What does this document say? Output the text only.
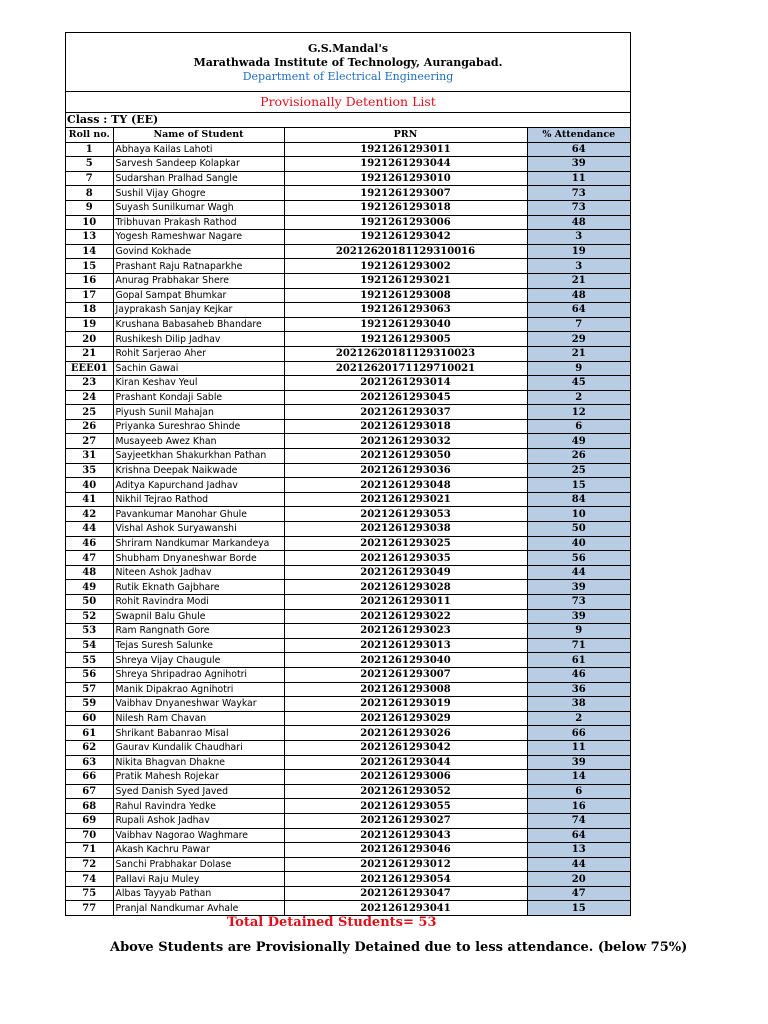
G.S.Mandal's
Marathwada Institute of Technology, Aurangabad.
Department of Electrical Engineering
Provisionally Detention List
Class : TY (EE)
Roll no.	Name of Student	PRN	% Attendance
1	Abhaya Kailas Lahoti	1921261293011	64
5	Sarvesh Sandeep Kolapkar	1921261293044	39
7	Sudarshan Pralhad Sangle	1921261293010	11
8	Sushil Vijay Ghogre	1921261293007	73
9	Suyash Sunilkumar Wagh	1921261293018	73
10	Tribhuvan Prakash Rathod	1921261293006	48
13	Yogesh Rameshwar Nagare	1921261293042	3
14	Govind Kokhade	20212620181129310016	19
15	Prashant Raju Ratnaparkhe	1921261293002	3
16	Anurag Prabhakar Shere	1921261293021	21
17	Gopal Sampat Bhumkar	1921261293008	48
18	Jayprakash Sanjay Kejkar	1921261293063	64
19	Krushana Babasaheb Bhandare	1921261293040	7
20	Rushikesh Dilip Jadhav	1921261293005	29
21	Rohit Sarjerao Aher	20212620181129310023	21
EEE01	Sachin Gawai	20212620171129710021	9
23	Kiran Keshav Yeul	2021261293014	45
24	Prashant Kondaji Sable	2021261293045	2
25	Piyush Sunil Mahajan	2021261293037	12
26	Priyanka Sureshrao Shinde	2021261293018	6
27	Musayeeb Awez Khan	2021261293032	49
31	Sayjeetkhan Shakurkhan Pathan	2021261293050	26
35	Krishna Deepak Naikwade	2021261293036	25
40	Aditya Kapurchand Jadhav	2021261293048	15
41	Nikhil Tejrao Rathod	2021261293021	84
42	Pavankumar Manohar Ghule	2021261293053	10
44	Vishal Ashok Suryawanshi	2021261293038	50
46	Shriram Nandkumar Markandeya	2021261293025	40
47	Shubham Dnyaneshwar Borde	2021261293035	56
48	Niteen Ashok Jadhav	2021261293049	44
49	Rutik Eknath Gajbhare	2021261293028	39
50	Rohit Ravindra Modi	2021261293011	73
52	Swapnil Balu Ghule	2021261293022	39
53	Ram Rangnath Gore	2021261293023	9
54	Tejas Suresh Salunke	2021261293013	71
55	Shreya Vijay Chaugule	2021261293040	61
56	Shreya Shripadrao Agnihotri	2021261293007	46
57	Manik Dipakrao Agnihotri	2021261293008	36
59	Vaibhav Dnyaneshwar Waykar	2021261293019	38
60	Nilesh Ram Chavan	2021261293029	2
61	Shrikant Babanrao Misal	2021261293026	66
62	Gaurav Kundalik Chaudhari	2021261293042	11
63	Nikita Bhagvan Dhakne	2021261293044	39
66	Pratik Mahesh Rojekar	2021261293006	14
67	Syed Danish Syed Javed	2021261293052	6
68	Rahul Ravindra Yedke	2021261293055	16
69	Rupali Ashok Jadhav	2021261293027	74
70	Vaibhav Nagorao Waghmare	2021261293043	64
71	Akash Kachru Pawar	2021261293046	13
72	Sanchi Prabhakar Dolase	2021261293012	44
74	Pallavi Raju Muley	2021261293054	20
75	Albas Tayyab Pathan	2021261293047	47
77	Pranjal Nandkumar Avhale	2021261293041	15
Total Detained Students= 53
Above Students are Provisionally Detained due to less attendance. (below 75%)
